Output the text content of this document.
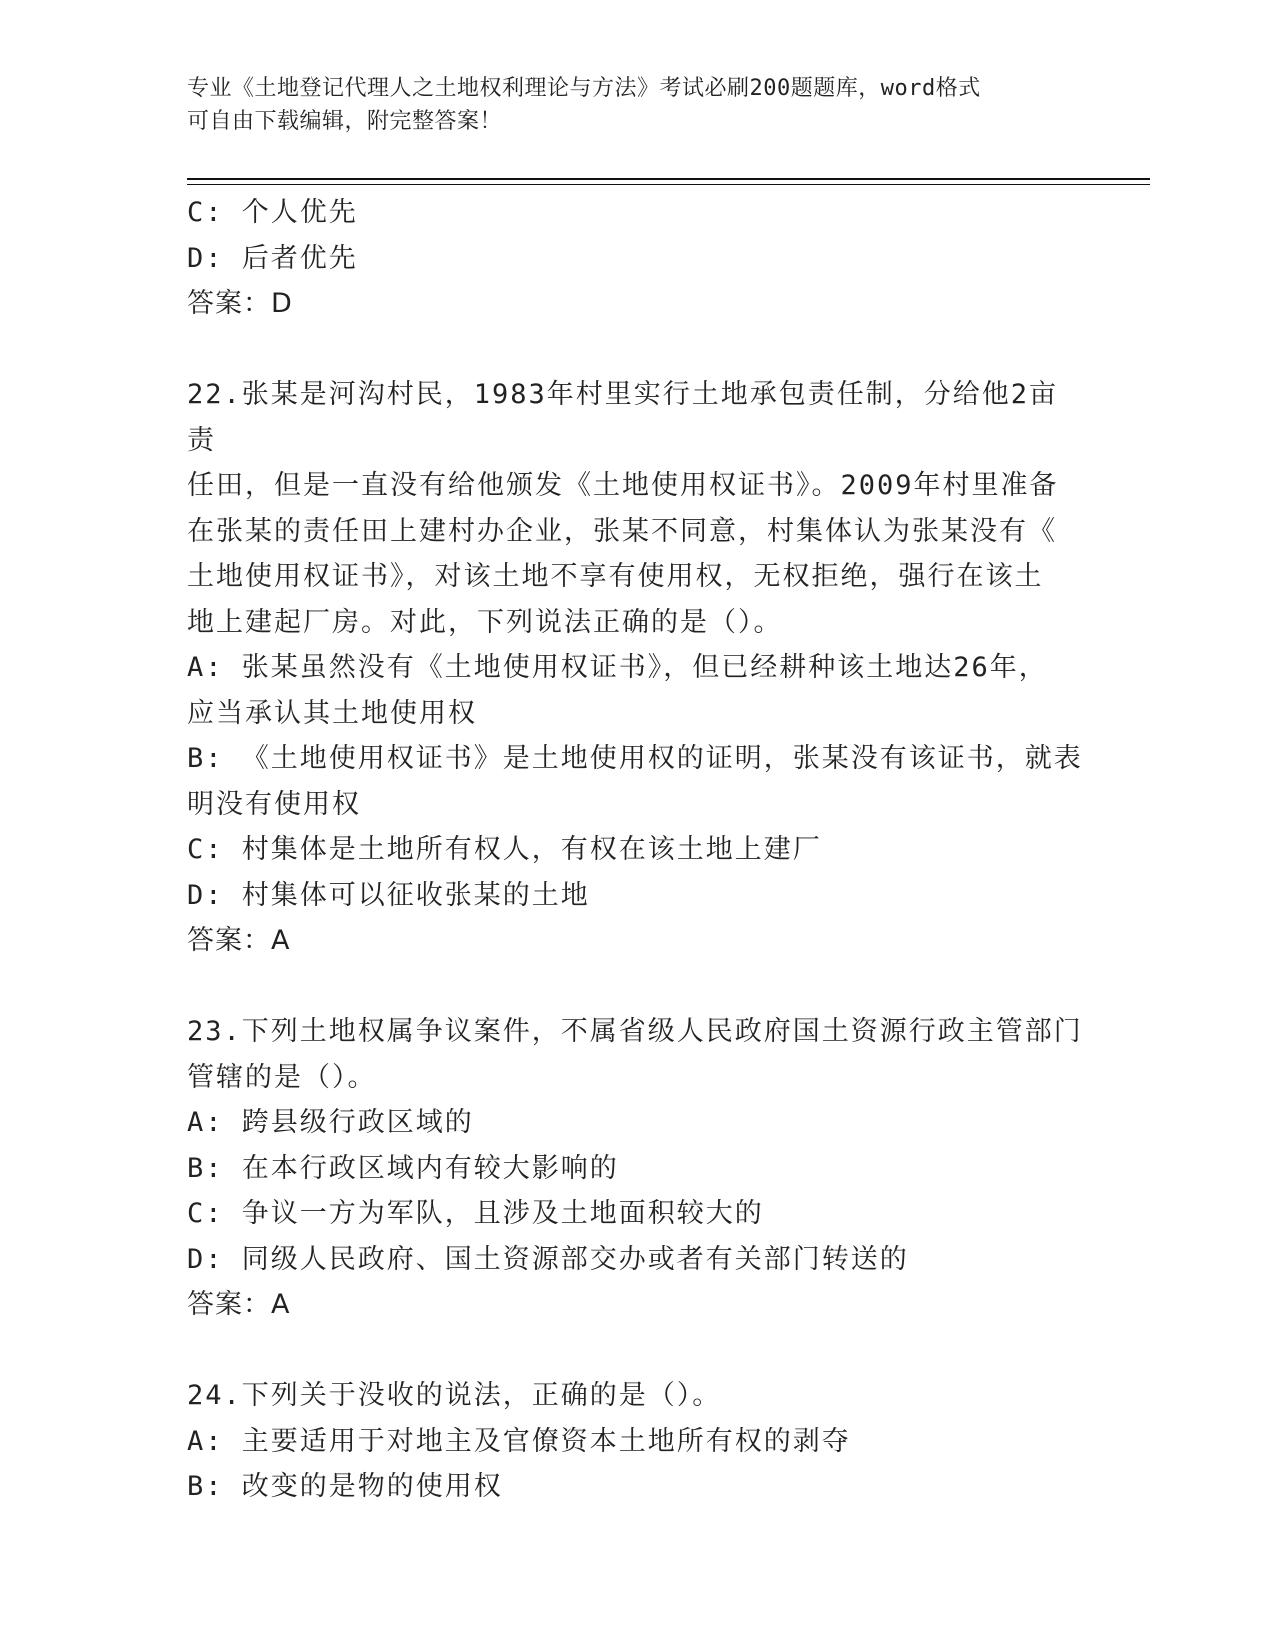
专业《土地登记代理人之土地权利理论与方法》考试必刷200题题库，word格式
可自由下载编辑，附完整答案！

C: 个人优先

D: 后者优先

答案：D

22.张某是河沟村民，1983年村里实行土地承包责任制，分给他2亩责

任田，但是一直没有给他颁发《土地使用权证书》。2009年村里准备

在张某的责任田上建村办企业，张某不同意，村集体认为张某没有《

土地使用权证书》，对该土地不享有使用权，无权拒绝，强行在该土

地上建起厂房。对此，下列说法正确的是（）。

A: 张某虽然没有《土地使用权证书》，但已经耕种该土地达26年，

应当承认其土地使用权

B: 《土地使用权证书》是土地使用权的证明，张某没有该证书，就表

明没有使用权

C: 村集体是土地所有权人，有权在该土地上建厂

D: 村集体可以征收张某的土地

答案：A

23.下列土地权属争议案件，不属省级人民政府国土资源行政主管部门

管辖的是（）。

A: 跨县级行政区域的

B: 在本行政区域内有较大影响的

C: 争议一方为军队，且涉及土地面积较大的

D: 同级人民政府、国土资源部交办或者有关部门转送的

答案：A

24.下列关于没收的说法，正确的是（）。

A: 主要适用于对地主及官僚资本土地所有权的剥夺

B: 改变的是物的使用权
